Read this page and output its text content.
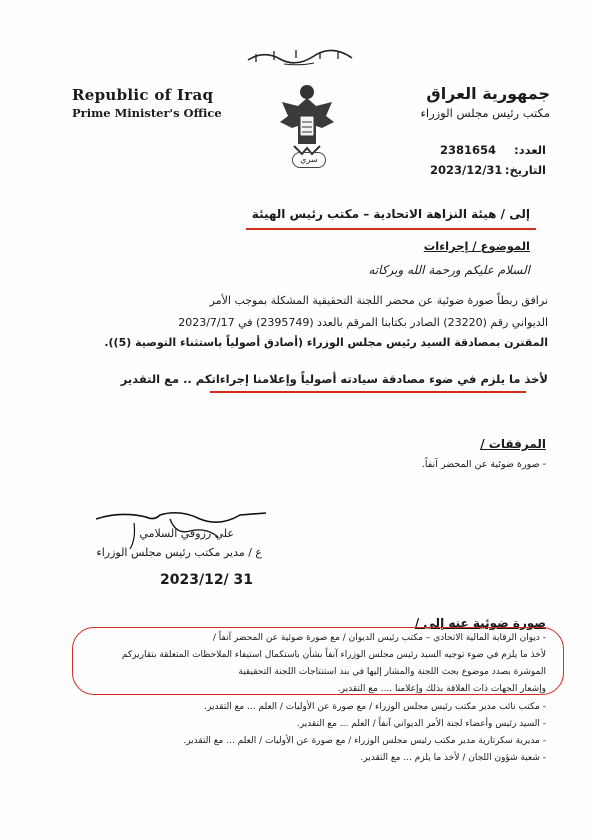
Republic of Iraq
Prime Minister's Office
جمهورية العراق
مكتب رئيس مجلس الوزراء
سري
العدد:
2381654
التاريخ:
2023/12/31
إلى / هيئة النزاهة الاتحادية – مكتب رئيس الهيئة
الموضوع / إجراءات
السلام عليكم ورحمة الله وبركاته
نرافق ربطاً صورة ضوئية عن محضر اللجنة التحقيقية المشكلة بموجب الأمر
الديواني رقم (23220) الصادر بكتابنا المرقم بالعدد (2395749) في 2023/7/17
المقترن بمصادقة السيد رئيس مجلس الوزراء (أصادق أصولياً باستثناء التوصية (5)).
لأخذ ما يلزم في ضوء مصادقة سيادته أصولياً وإعلامنا إجراءاتكم .. مع التقدير
المرفقات /
- صورة ضوئية عن المحضر آنفاً.
علي رزوقي السلامي
ع / مدير مكتب رئيس مجلس الوزراء
2023/12/ 31
صورة ضوئية عنه إلى /
- ديوان الرقابة المالية الاتحادي – مكتب رئيس الديوان / مع صورة ضوئية عن المحضر آنفاً /
لأخذ ما يلزم في ضوء توجيه السيد رئيس مجلس الوزراء آنفاً بشأن باستكمال استيفاء الملاحظات المتعلقة بتقاريركم
الموشرة بصدد موضوع بحث اللجنة والمشار إليها في بند استنتاجات اللجنة التحقيقية
وإشعار الجهات ذات العلاقة بذلك وإعلامنا .... مع التقدير.
- مكتب نائب مدير مكتب رئيس مجلس الوزراء / مع صورة عن الأوليات / العلم ... مع التقدير.
- السيد رئيس وأعضاء لجنة الأمر الديواني آنفاً / العلم ... مع التقدير.
- مديرية سكرتارية مدير مكتب رئيس مجلس الوزراء / مع صورة عن الأوليات / العلم ... مع التقدير.
- شعبة شؤون اللجان / لأخذ ما يلزم ... مع التقدير.
